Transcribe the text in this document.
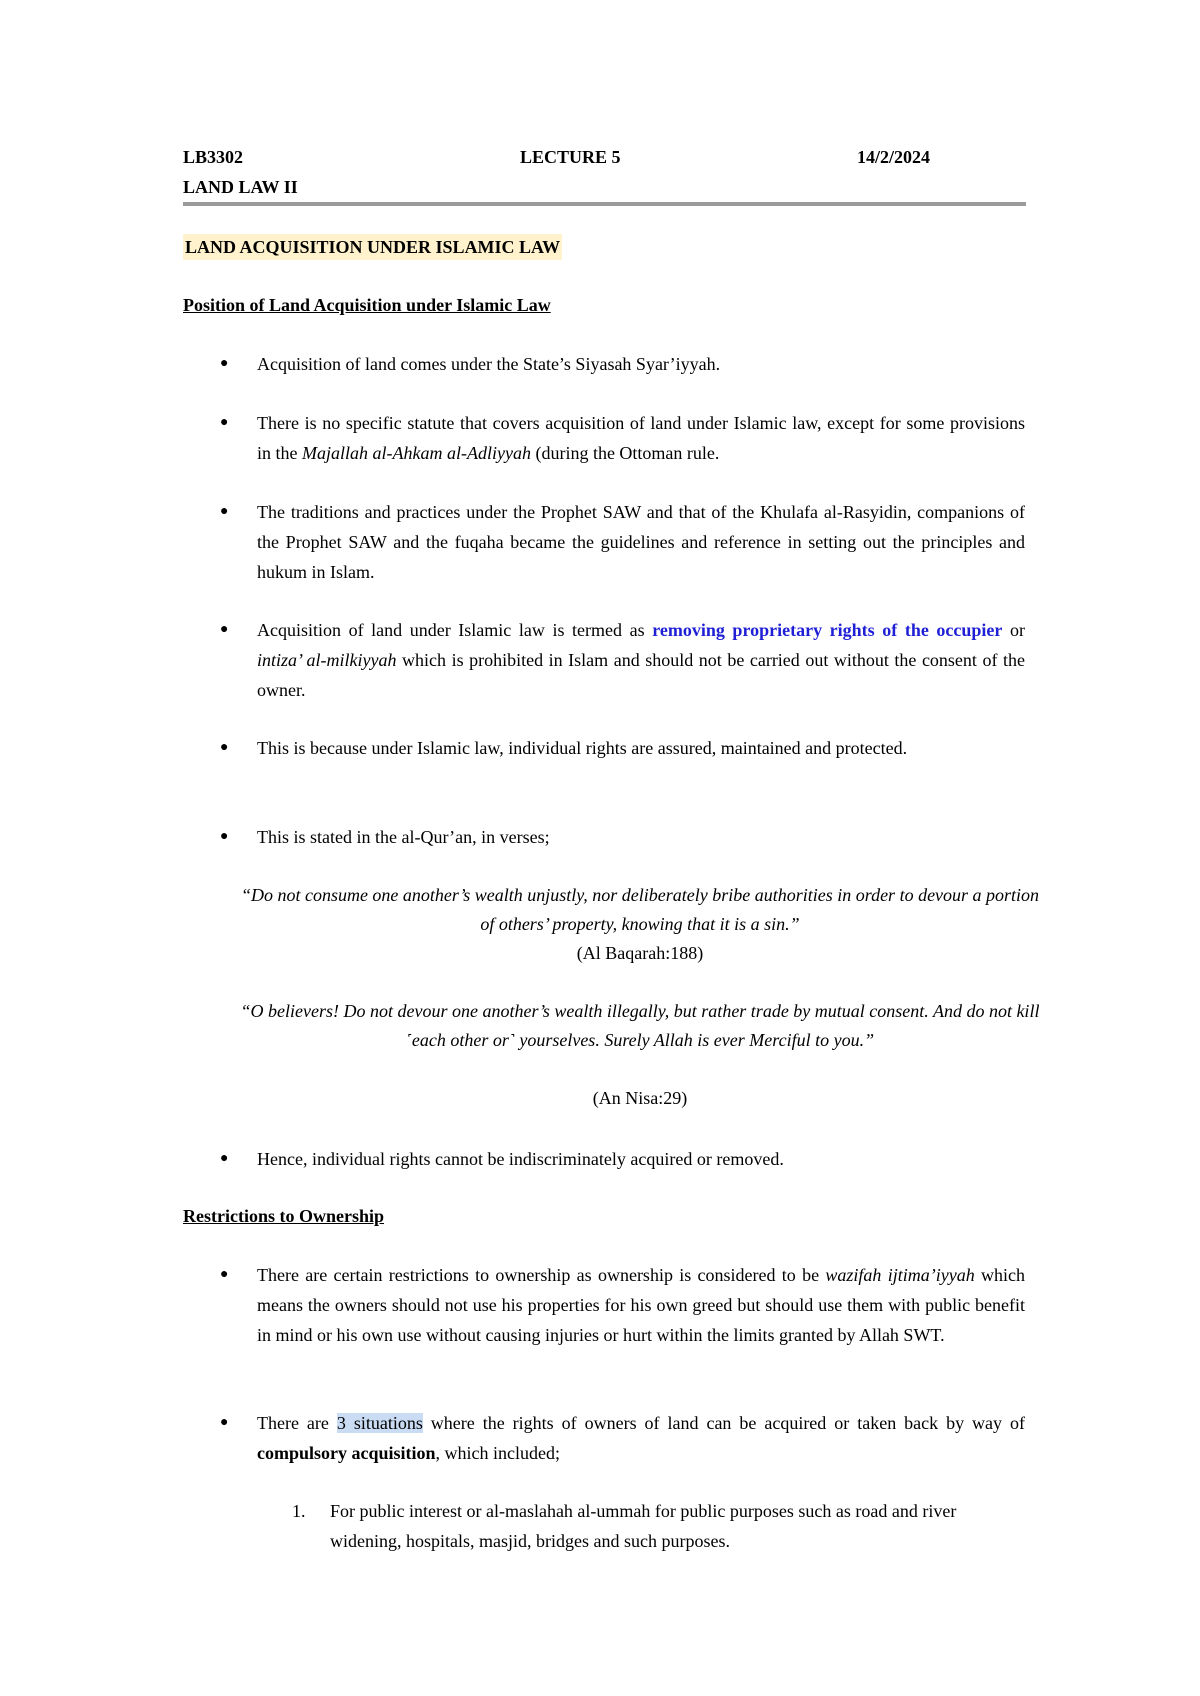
LB3302	LECTURE 5	14/2/2024
LAND LAW II
LAND ACQUISITION UNDER ISLAMIC LAW
Position of Land Acquisition under Islamic Law
●	Acquisition of land comes under the State’s Siyasah Syar’iyyah.
●	There is no specific statute that covers acquisition of land under Islamic law, except for some provisions in the Majallah al-Ahkam al-Adliyyah (during the Ottoman rule.
●	The traditions and practices under the Prophet SAW and that of the Khulafa al-Rasyidin, companions of the Prophet SAW and the fuqaha became the guidelines and reference in setting out the principles and hukum in Islam.
●	Acquisition of land under Islamic law is termed as removing proprietary rights of the occupier or intiza’ al-milkiyyah which is prohibited in Islam and should not be carried out without the consent of the owner.
●	This is because under Islamic law, individual rights are assured, maintained and protected.
●	This is stated in the al-Qur’an, in verses;
“Do not consume one another’s wealth unjustly, nor deliberately bribe authorities in order to devour a portion of others’ property, knowing that it is a sin.”
(Al Baqarah:188)
“O believers! Do not devour one another’s wealth illegally, but rather trade by mutual consent. And do not kill ˹each other or˺ yourselves. Surely Allah is ever Merciful to you.”
(An Nisa:29)
●	Hence, individual rights cannot be indiscriminately acquired or removed.
Restrictions to Ownership
●	There are certain restrictions to ownership as ownership is considered to be wazifah ijtima’iyyah which means the owners should not use his properties for his own greed but should use them with public benefit in mind or his own use without causing injuries or hurt within the limits granted by Allah SWT.
●	There are 3 situations where the rights of owners of land can be acquired or taken back by way of compulsory acquisition, which included;
1. For public interest or al-maslahah al-ummah for public purposes such as road and river widening, hospitals, masjid, bridges and such purposes.
